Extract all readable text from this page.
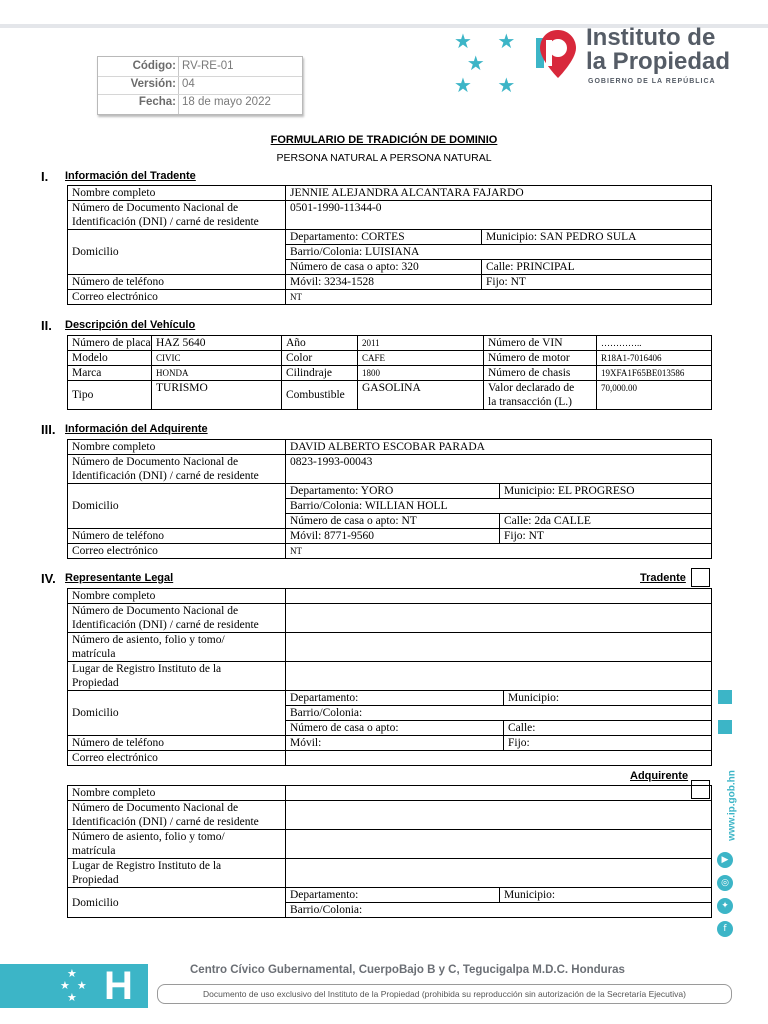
Código: RV-RE-01
Versión: 04
Fecha: 18 de mayo 2022
★    ★
★
★    ★
Instituto de
la Propiedad
GOBIERNO DE LA REPÚBLICA
FORMULARIO DE TRADICIÓN DE DOMINIO
PERSONA NATURAL A PERSONA NATURAL
I. Información del Tradente
Nombre completo	JENNIE ALEJANDRA ALCANTARA FAJARDO	
Número de Documento Nacional de
Identificación (DNI) / carné de residente	0501-1990-11344-0	
Domicilio	Departamento: CORTES	Municipio: SAN PEDRO SULA
	Barrio/Colonia: LUISIANA	
	Número de casa o apto: 320	Calle: PRINCIPAL
Número de teléfono	Móvil: 3234-1528	Fijo: NT
Correo electrónico	NT	
II. Descripción del Vehículo
Número de placa	HAZ 5640	Año	2011	Número de VIN	…………..
Modelo	CIVIC	Color	CAFE	Número de motor	R18A1-7016406
Marca	HONDA	Cilindraje	1800	Número de chasis	19XFA1F65BE013586
Tipo	TURISMO	Combustible	GASOLINA	Valor declarado de
la transacción (L.)	70,000.00
III. Información del Adquirente
Nombre completo	DAVID ALBERTO ESCOBAR PARADA	
Número de Documento Nacional de
Identificación (DNI) / carné de residente	0823-1993-00043	
Domicilio	Departamento: YORO	Municipio: EL PROGRESO
	Barrio/Colonia: WILLIAN HOLL	
	Número de casa o apto: NT	Calle: 2da CALLE
Número de teléfono	Móvil: 8771-9560	Fijo: NT
Correo electrónico	NT	
IV. Representante Legal	Tradente
Nombre completo		
Número de Documento Nacional de
Identificación (DNI) / carné de residente		
Número de asiento, folio y tomo/
matrícula		
Lugar de Registro Instituto de la
Propiedad		
Domicilio	Departamento:	Municipio:
	Barrio/Colonia:	
	Número de casa o apto:	Calle:
Número de teléfono	Móvil:	Fijo:
Correo electrónico		
Adquirente
Nombre completo		
Número de Documento Nacional de
Identificación (DNI) / carné de residente		
Número de asiento, folio y tomo/
matrícula		
Lugar de Registro Instituto de la
Propiedad		
Domicilio	Departamento:	Municipio:
	Barrio/Colonia:	
www.ip.gob.hn
▶
◎
✦
f
★
★  ★
★ H	Centro Cívico Gubernamental, CuerpoBajo B y C, Tegucigalpa M.D.C. Honduras
Documento de uso exclusivo del Instituto de la Propiedad (prohibida su reproducción sin autorización de la Secretaría Ejecutiva)
